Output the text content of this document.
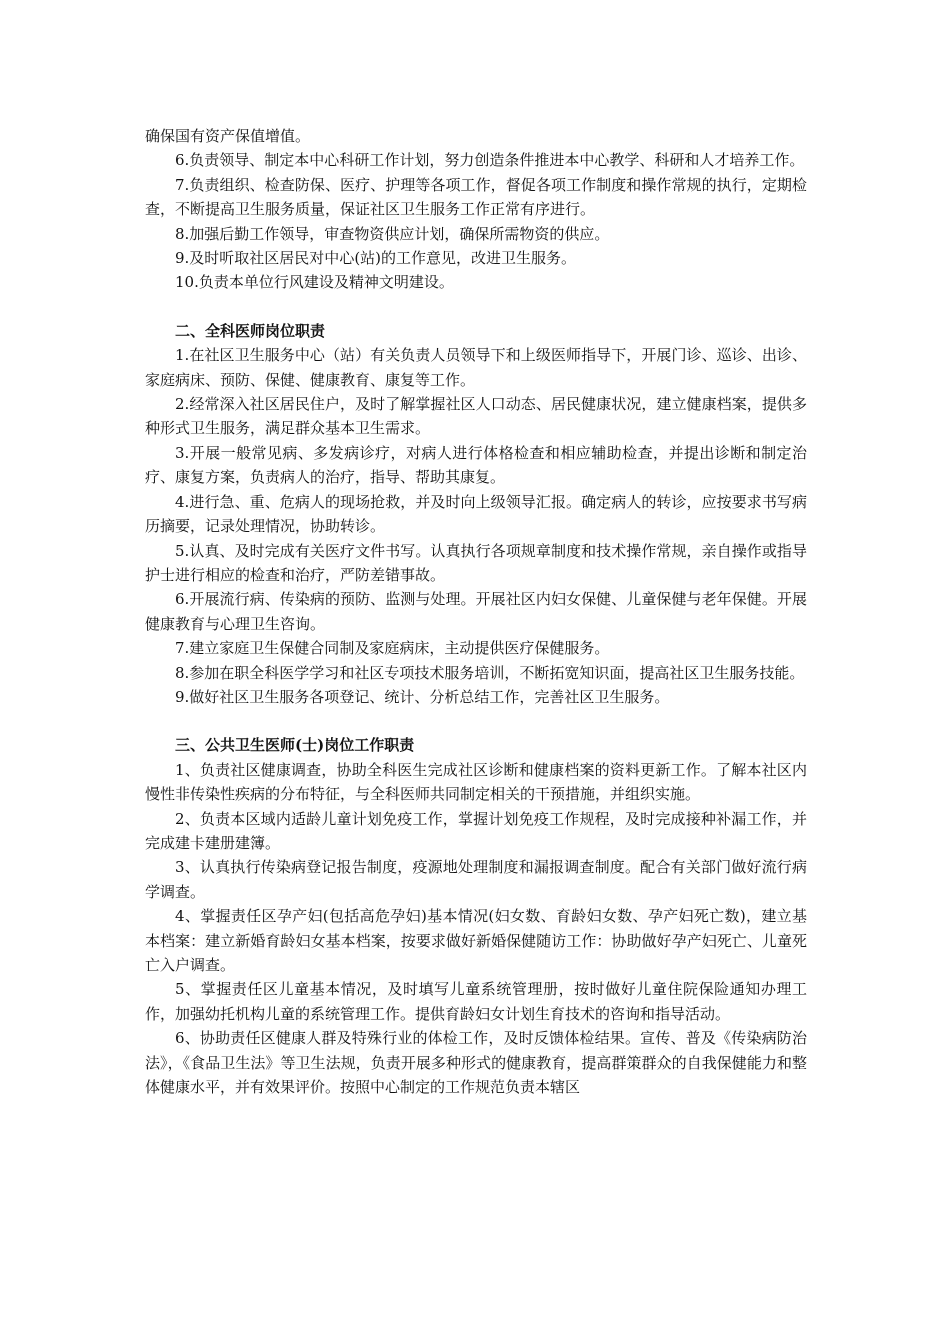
确保国有资产保值增值。

6.负责领导、制定本中心科研工作计划，努力创造条件推进本中心教学、科研和人才培养工作。

7.负责组织、检查防保、医疗、护理等各项工作，督促各项工作制度和操作常规的执行，定期检查，不断提高卫生服务质量，保证社区卫生服务工作正常有序进行。

8.加强后勤工作领导，审查物资供应计划，确保所需物资的供应。

9.及时听取社区居民对中心(站)的工作意见，改进卫生服务。

10.负责本单位行风建设及精神文明建设。

二、全科医师岗位职责

1.在社区卫生服务中心（站）有关负责人员领导下和上级医师指导下，开展门诊、巡诊、出诊、家庭病床、预防、保健、健康教育、康复等工作。

2.经常深入社区居民住户，及时了解掌握社区人口动态、居民健康状况，建立健康档案，提供多种形式卫生服务，满足群众基本卫生需求。

3.开展一般常见病、多发病诊疗，对病人进行体格检查和相应辅助检查，并提出诊断和制定治疗、康复方案，负责病人的治疗，指导、帮助其康复。

4.进行急、重、危病人的现场抢救，并及时向上级领导汇报。确定病人的转诊，应按要求书写病历摘要，记录处理情况，协助转诊。

5.认真、及时完成有关医疗文件书写。认真执行各项规章制度和技术操作常规，亲自操作或指导护士进行相应的检查和治疗，严防差错事故。

6.开展流行病、传染病的预防、监测与处理。开展社区内妇女保健、儿童保健与老年保健。开展健康教育与心理卫生咨询。

7.建立家庭卫生保健合同制及家庭病床，主动提供医疗保健服务。

8.参加在职全科医学学习和社区专项技术服务培训，不断拓宽知识面，提高社区卫生服务技能。

9.做好社区卫生服务各项登记、统计、分析总结工作，完善社区卫生服务。

三、公共卫生医师(士)岗位工作职责

1、负责社区健康调查，协助全科医生完成社区诊断和健康档案的资料更新工作。了解本社区内慢性非传染性疾病的分布特征，与全科医师共同制定相关的干预措施，并组织实施。

2、负责本区域内适龄儿童计划免疫工作，掌握计划免疫工作规程，及时完成接种补漏工作，并完成建卡建册建簿。

3、认真执行传染病登记报告制度，疫源地处理制度和漏报调查制度。配合有关部门做好流行病学调查。

4、掌握责任区孕产妇(包括高危孕妇)基本情况(妇女数、育龄妇女数、孕产妇死亡数)，建立基本档案：建立新婚育龄妇女基本档案，按要求做好新婚保健随访工作：协助做好孕产妇死亡、儿童死亡入户调查。

5、掌握责任区儿童基本情况，及时填写儿童系统管理册，按时做好儿童住院保险通知办理工作，加强幼托机构儿童的系统管理工作。提供育龄妇女计划生育技术的咨询和指导活动。

6、协助责任区健康人群及特殊行业的体检工作，及时反馈体检结果。宣传、普及《传染病防治法》，《食品卫生法》等卫生法规，负责开展多种形式的健康教育，提高群策群众的自我保健能力和整体健康水平，并有效果评价。按照中心制定的工作规范负责本辖区
